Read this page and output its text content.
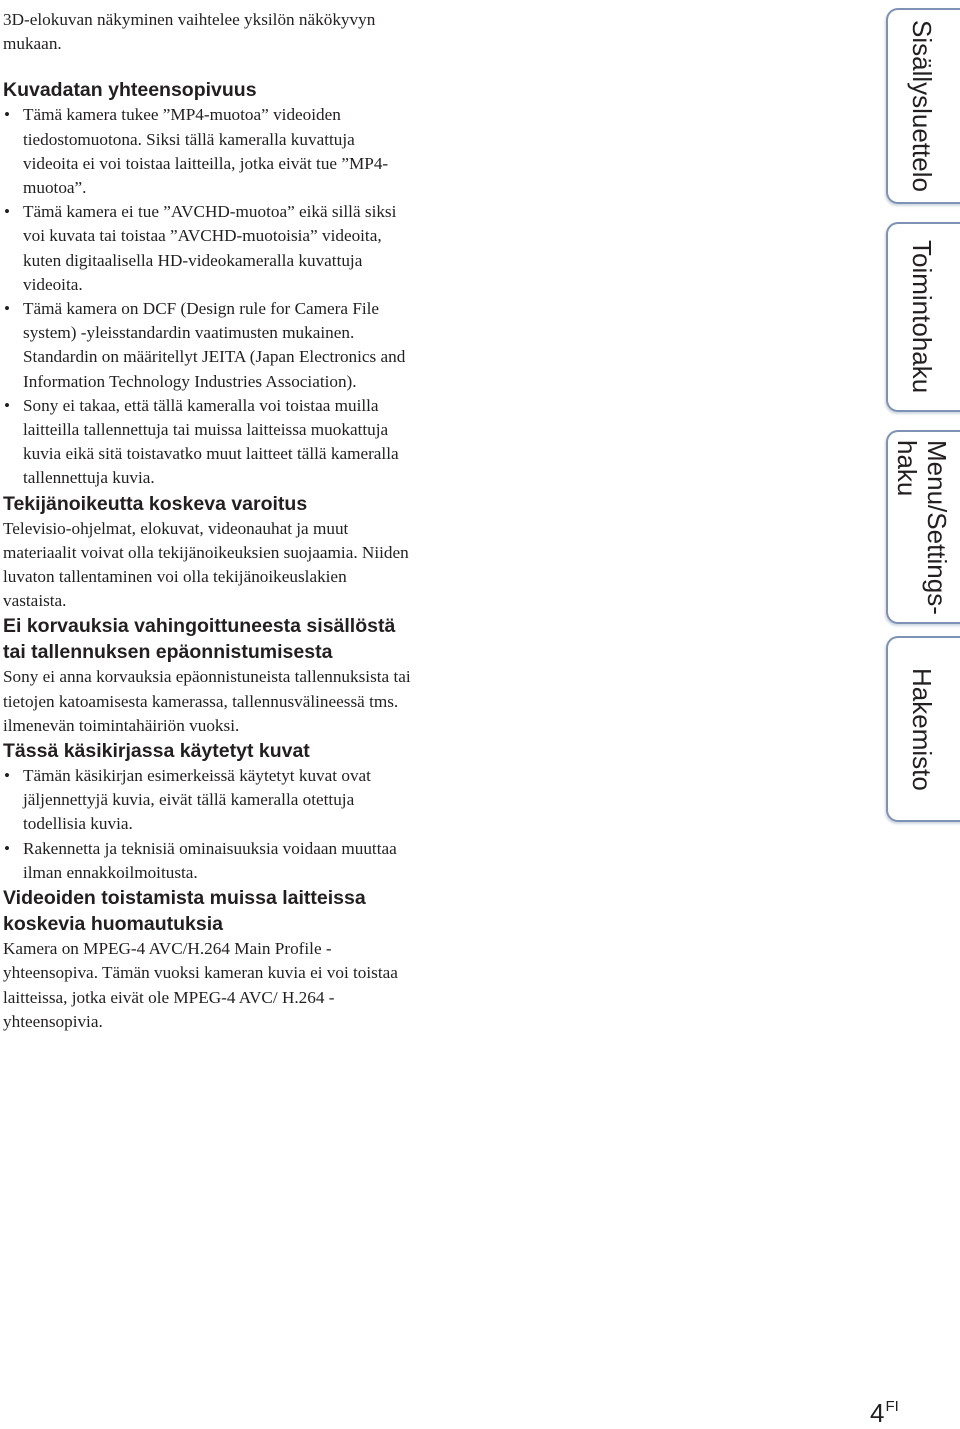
3D-elokuvan näkyminen vaihtelee yksilön näkökyvyn mukaan.

Kuvadatan yhteensopivuus
• Tämä kamera tukee ”MP4-muotoa” videoiden tiedostomuotona. Siksi tällä kameralla kuvattuja videoita ei voi toistaa laitteilla, jotka eivät tue ”MP4-muotoa”.
• Tämä kamera ei tue ”AVCHD-muotoa” eikä sillä siksi voi kuvata tai toistaa ”AVCHD-muotoisia” videoita, kuten digitaalisella HD-videokameralla kuvattuja videoita.
• Tämä kamera on DCF (Design rule for Camera File system) -yleisstandardin vaatimusten mukainen. Standardin on määritellyt JEITA (Japan Electronics and Information Technology Industries Association).
• Sony ei takaa, että tällä kameralla voi toistaa muilla laitteilla tallennettuja tai muissa laitteissa muokattuja kuvia eikä sitä toistavatko muut laitteet tällä kameralla tallennettuja kuvia.
Tekijänoikeutta koskeva varoitus

Televisio-ohjelmat, elokuvat, videonauhat ja muut materiaalit voivat olla tekijänoikeuksien suojaamia. Niiden luvaton tallentaminen voi olla tekijänoikeuslakien vastaista.

Ei korvauksia vahingoittuneesta sisällöstä tai tallennuksen epäonnistumisesta

Sony ei anna korvauksia epäonnistuneista tallennuksista tai tietojen katoamisesta kamerassa, tallennusvälineessä tms. ilmenevän toimintahäiriön vuoksi.

Tässä käsikirjassa käytetyt kuvat
• Tämän käsikirjan esimerkeissä käytetyt kuvat ovat jäljennettyjä kuvia, eivät tällä kameralla otettuja todellisia kuvia.
• Rakennetta ja teknisiä ominaisuuksia voidaan muuttaa ilman ennakkoilmoitusta.
Videoiden toistamista muissa laitteissa koskevia huomautuksia

Kamera on MPEG-4 AVC/H.264 Main Profile -yhteensopiva. Tämän vuoksi kameran kuvia ei voi toistaa laitteissa, jotka eivät ole MPEG-4 AVC/ H.264 -yhteensopivia.

Sisällysluettelo
Toimintohaku
Menu/Settings-
haku
Hakemisto
4FI
